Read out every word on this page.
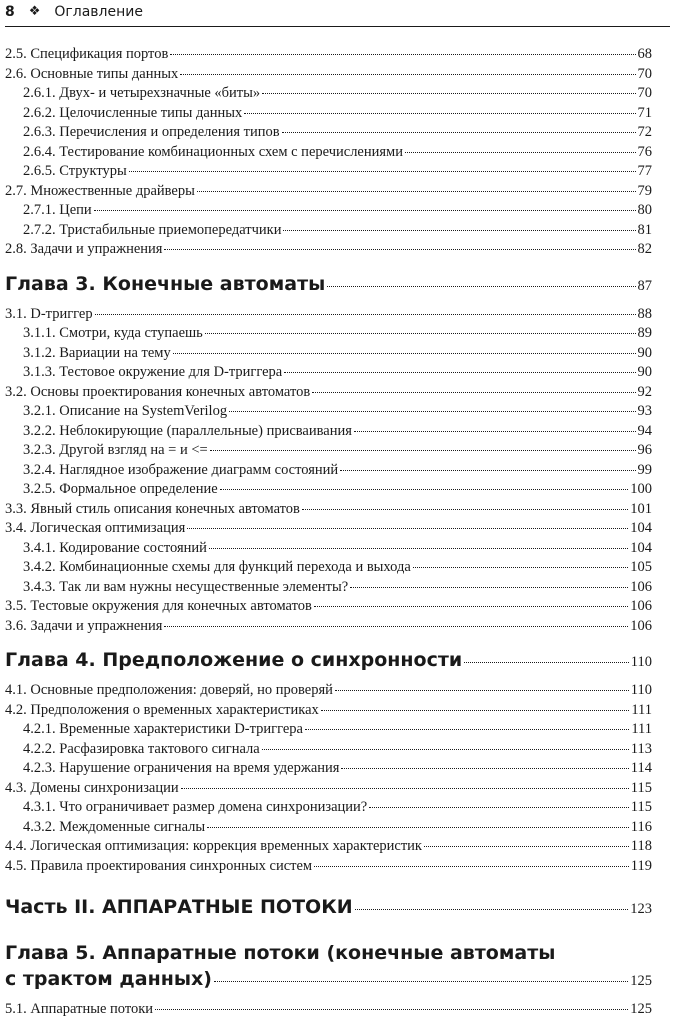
8 ❖ Оглавление
2.5. Спецификация портов	68
2.6. Основные типы данных	70
2.6.1. Двух- и четырехзначные «биты»	70
2.6.2. Целочисленные типы данных	71
2.6.3. Перечисления и определения типов	72
2.6.4. Тестирование комбинационных схем с перечислениями	76
2.6.5. Структуры	77
2.7. Множественные драйверы	79
2.7.1. Цепи	80
2.7.2. Тристабильные приемопередатчики	81
2.8. Задачи и упражнения	82
Глава 3. Конечные автоматы	87
3.1. D-триггер	88
3.1.1. Смотри, куда ступаешь	89
3.1.2. Вариации на тему	90
3.1.3. Тестовое окружение для D-триггера	90
3.2. Основы проектирования конечных автоматов	92
3.2.1. Описание на SystemVerilog	93
3.2.2. Неблокирующие (параллельные) присваивания	94
3.2.3. Другой взгляд на = и <=	96
3.2.4. Наглядное изображение диаграмм состояний	99
3.2.5. Формальное определение	100
3.3. Явный стиль описания конечных автоматов	101
3.4. Логическая оптимизация	104
3.4.1. Кодирование состояний	104
3.4.2. Комбинационные схемы для функций перехода и выхода	105
3.4.3. Так ли вам нужны несущественные элементы?	106
3.5. Тестовые окружения для конечных автоматов	106
3.6. Задачи и упражнения	106
Глава 4. Предположение о синхронности	110
4.1. Основные предположения: доверяй, но проверяй	110
4.2. Предположения о временных характеристиках	111
4.2.1. Временные характеристики D-триггера	111
4.2.2. Расфазировка тактового сигнала	113
4.2.3. Нарушение ограничения на время удержания	114
4.3. Домены синхронизации	115
4.3.1. Что ограничивает размер домена синхронизации?	115
4.3.2. Междоменные сигналы	116
4.4. Логическая оптимизация: коррекция временных характеристик	118
4.5. Правила проектирования синхронных систем	119
Часть II. АППАРАТНЫЕ ПОТОКИ	123
Глава 5. Аппаратные потоки (конечные автоматы
с трактом данных)	125
5.1. Аппаратные потоки	125
